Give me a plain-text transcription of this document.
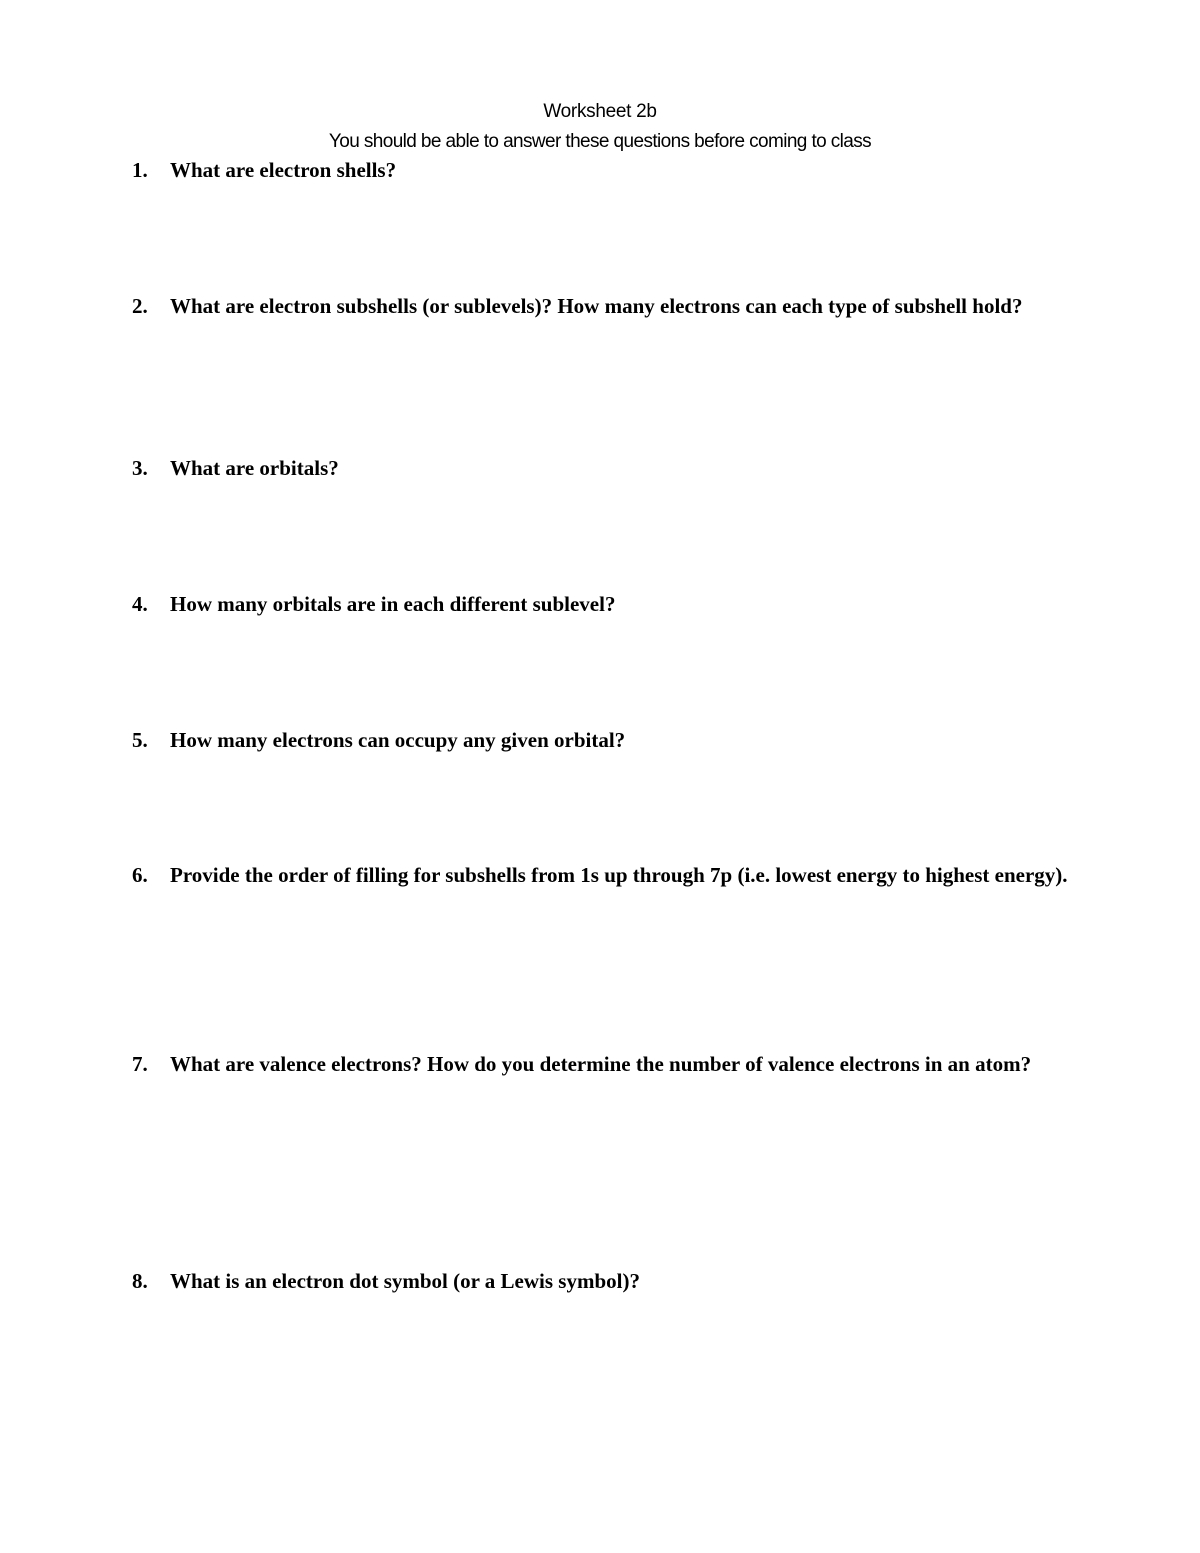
Worksheet 2b
You should be able to answer these questions before coming to class
1.	What are electron shells?
2.	What are electron subshells (or sublevels)? How many electrons can each type of subshell hold?
3.	What are orbitals?
4.	How many orbitals are in each different sublevel?
5.	How many electrons can occupy any given orbital?
6.	Provide the order of filling for subshells from 1s up through 7p (i.e. lowest energy to highest energy).
7.	What are valence electrons? How do you determine the number of valence electrons in an atom?
8.	What is an electron dot symbol (or a Lewis symbol)?
